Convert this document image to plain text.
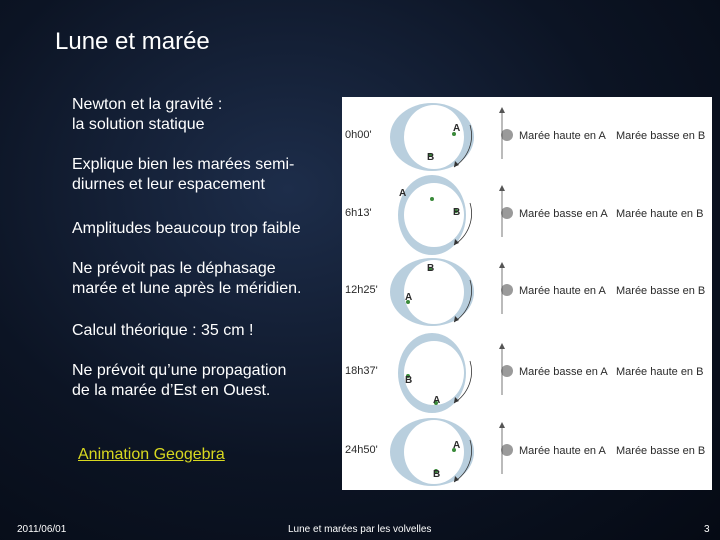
Lune et marée
Newton et la gravité :
la solution statique
Explique bien les marées semi-
diurnes et leur espacement
Amplitudes beaucoup trop faible
Ne prévoit pas le déphasage
marée et lune après le méridien.
Calcul théorique : 35 cm !
Ne prévoit qu’une propagation
de la marée d’Est en Ouest.
Animation Geogebra
A
B
0h00'	Marée haute en A Marée basse en B
A
B
6h13'	Marée basse en A Marée haute en B
A
B
12h25'	Marée haute en A Marée basse en B
A
B
18h37'	Marée basse en A Marée haute en B
A
B
24h50'	Marée haute en A Marée basse en B
2011/06/01	Lune et marées par les volvelles	3
